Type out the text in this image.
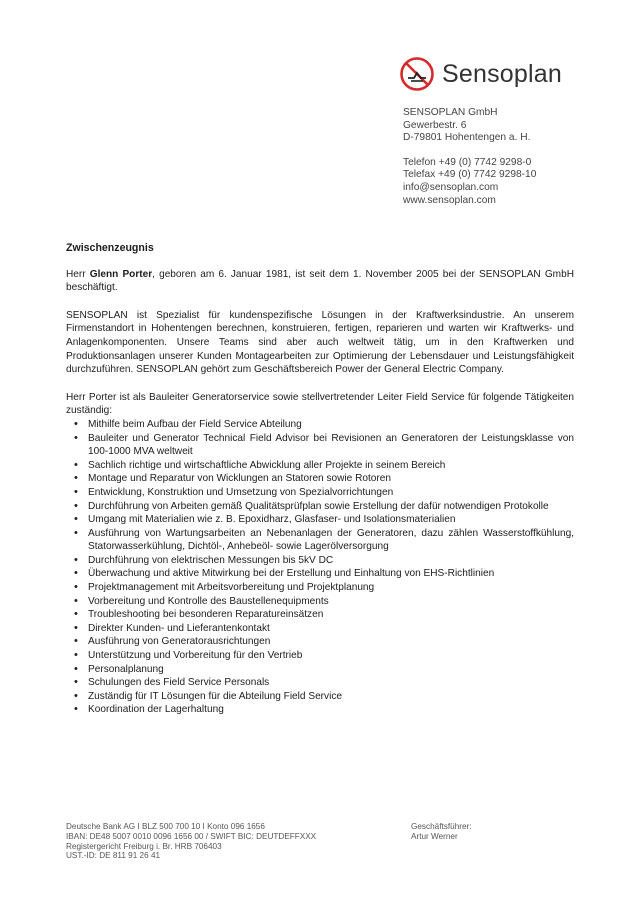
Sensoplan
SENSOPLAN GmbH
Gewerbestr. 6
D-79801 Hohentengen a. H.
Telefon +49 (0) 7742 9298-0
Telefax +49 (0) 7742 9298-10
info@sensoplan.com
www.sensoplan.com
Zwischenzeugnis

Herr Glenn Porter, geboren am 6. Januar 1981, ist seit dem 1. November 2005 bei der SENSOPLAN GmbH beschäftigt.

SENSOPLAN ist Spezialist für kundenspezifische Lösungen in der Kraftwerksindustrie. An unserem Firmenstandort in Hohentengen berechnen, konstruieren, fertigen, reparieren und warten wir Kraftwerks- und Anlagenkomponenten. Unsere Teams sind aber auch weltweit tätig, um in den Kraftwerken und Produktionsanlagen unserer Kunden Montagearbeiten zur Optimierung der Lebensdauer und Leistungsfähigkeit durchzuführen. SENSOPLAN gehört zum Geschäftsbereich Power der General Electric Company.

Herr Porter ist als Bauleiter Generatorservice sowie stellvertretender Leiter Field Service für folgende Tätigkeiten zuständig:

• Mithilfe beim Aufbau der Field Service Abteilung
• Bauleiter und Generator Technical Field Advisor bei Revisionen an Generatoren der Leistungsklasse von 100-1000 MVA weltweit
• Sachlich richtige und wirtschaftliche Abwicklung aller Projekte in seinem Bereich
• Montage und Reparatur von Wicklungen an Statoren sowie Rotoren
• Entwicklung, Konstruktion und Umsetzung von Spezialvorrichtungen
• Durchführung von Arbeiten gemäß Qualitätsprüfplan sowie Erstellung der dafür notwendigen Protokolle
• Umgang mit Materialien wie z. B. Epoxidharz, Glasfaser- und Isolationsmaterialien
• Ausführung von Wartungsarbeiten an Nebenanlagen der Generatoren, dazu zählen Wasserstoffkühlung, Statorwasserkühlung, Dichtöl-, Anhebeöl- sowie Lagerölversorgung
• Durchführung von elektrischen Messungen bis 5kV DC
• Überwachung und aktive Mitwirkung bei der Erstellung und Einhaltung von EHS-Richtlinien
• Projektmanagement mit Arbeitsvorbereitung und Projektplanung
• Vorbereitung und Kontrolle des Baustellenequipments
• Troubleshooting bei besonderen Reparatureinsätzen
• Direkter Kunden- und Lieferantenkontakt
• Ausführung von Generatorausrichtungen
• Unterstützung und Vorbereitung für den Vertrieb
• Personalplanung
• Schulungen des Field Service Personals
• Zuständig für IT Lösungen für die Abteilung Field Service
• Koordination der Lagerhaltung
Deutsche Bank AG I BLZ 500 700 10 I Konto 096 1656
IBAN: DE48 5007 0010 0096 1656 00 / SWIFT BIC: DEUTDEFFXXX
Registergericht Freiburg i. Br. HRB 706403
UST.-ID: DE 811 91 26 41
Geschäftsführer:
Artur Werner
